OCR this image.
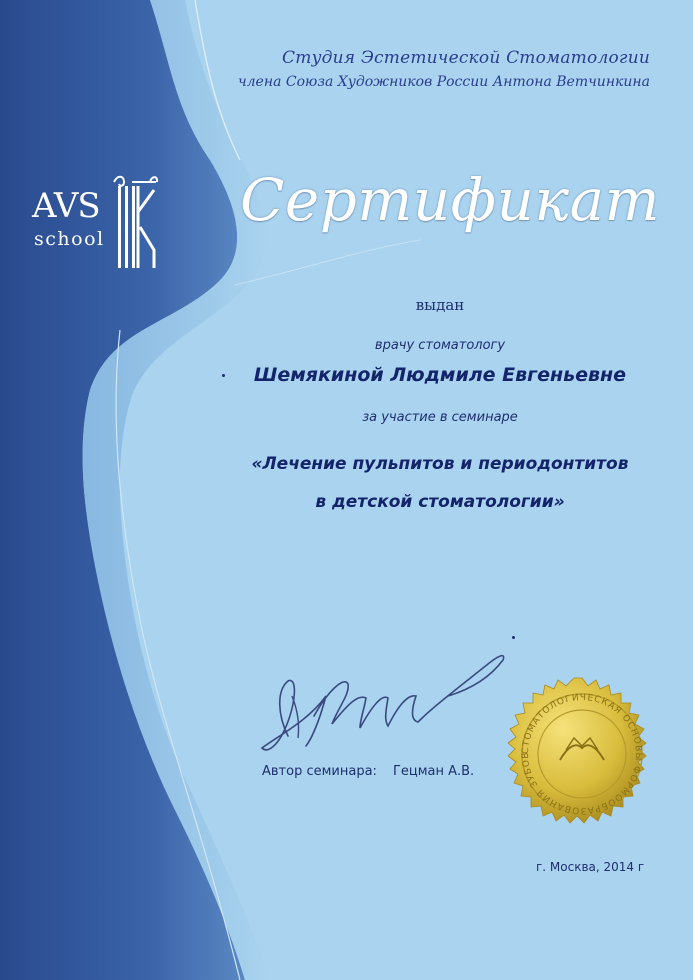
Студия Эстетической Стоматологии
члена Союза Художников России Антона Ветчинкина
AVS
school
Сертификат
выдан
врачу стоматологу
Шемякиной Людмиле Евгеньевне
за участие в семинаре
«Лечение пульпитов и периодонтитов
в детской стоматологии»
Автор семинара: Гецман А.В.
СТОМАТОЛОГИЧЕСКАЯ ОСНОВЫ ФОРМООБРАЗОВАНИЯ ЗУБОВ
г. Москва, 2014 г
